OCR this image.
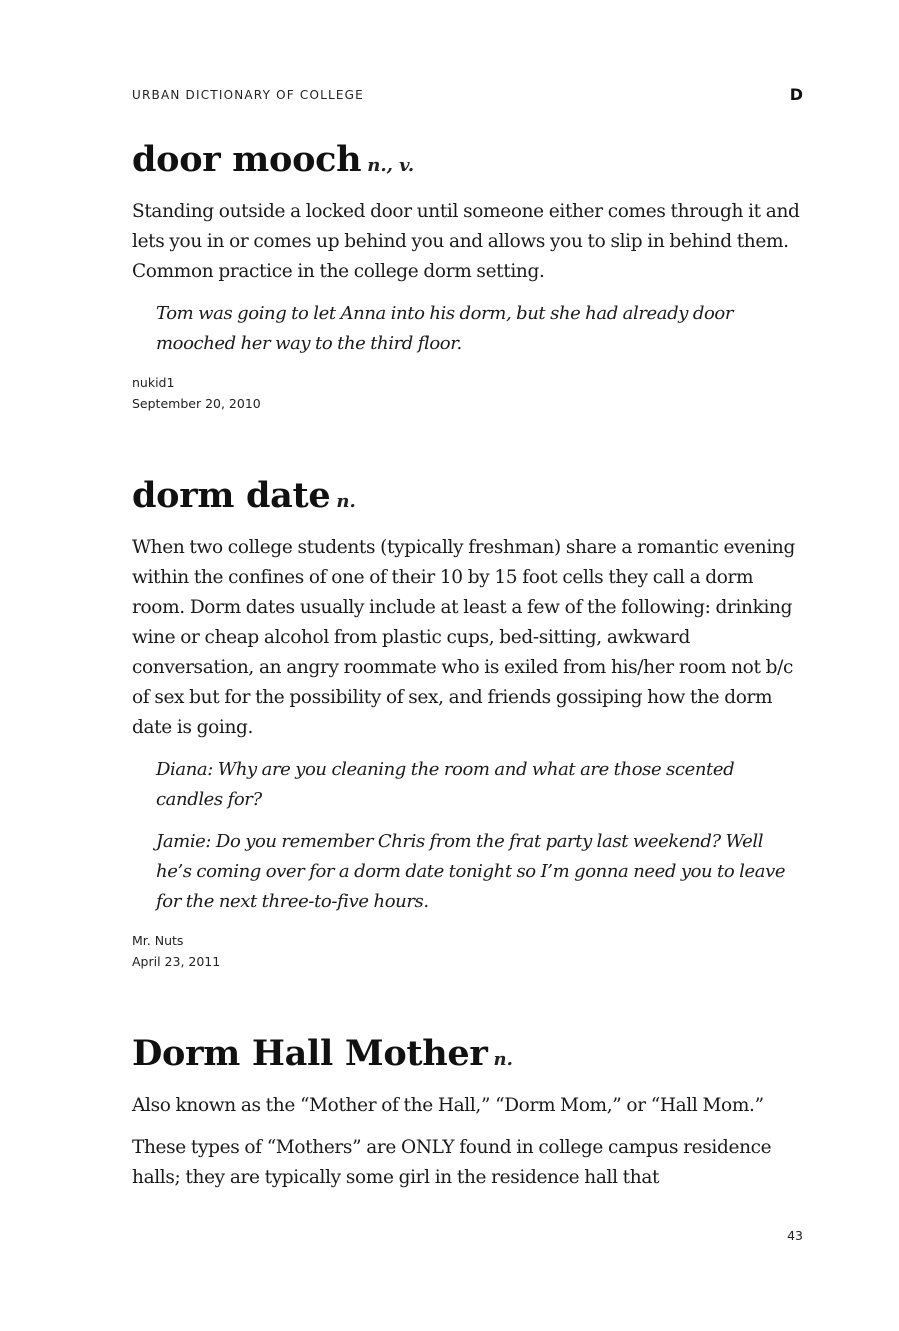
URBAN DICTIONARY OF COLLEGE	D
door mooch n., v.

Standing outside a locked door until someone either comes through it and lets you in or comes up behind you and allows you to slip in behind them. Common practice in the college dorm setting.

Tom was going to let Anna into his dorm, but she had already door mooched her way to the third floor.

nukid1
September 20, 2010
dorm date n.

When two college students (typically freshman) share a romantic evening within the confines of one of their 10 by 15 foot cells they call a dorm room. Dorm dates usually include at least a few of the following: drinking wine or cheap alcohol from plastic cups, bed-sitting, awkward conversation, an angry roommate who is exiled from his/her room not b/c of sex but for the possibility of sex, and friends gossiping how the dorm date is going.

Diana: Why are you cleaning the room and what are those scented candles for?

Jamie: Do you remember Chris from the frat party last weekend? Well he’s coming over for a dorm date tonight so I’m gonna need you to leave for the next three-to-five hours.

Mr. Nuts
April 23, 2011
Dorm Hall Mother n.

Also known as the “Mother of the Hall,” “Dorm Mom,” or “Hall Mom.”

These types of “Mothers” are ONLY found in college campus residence halls; they are typically some girl in the residence hall that

43
